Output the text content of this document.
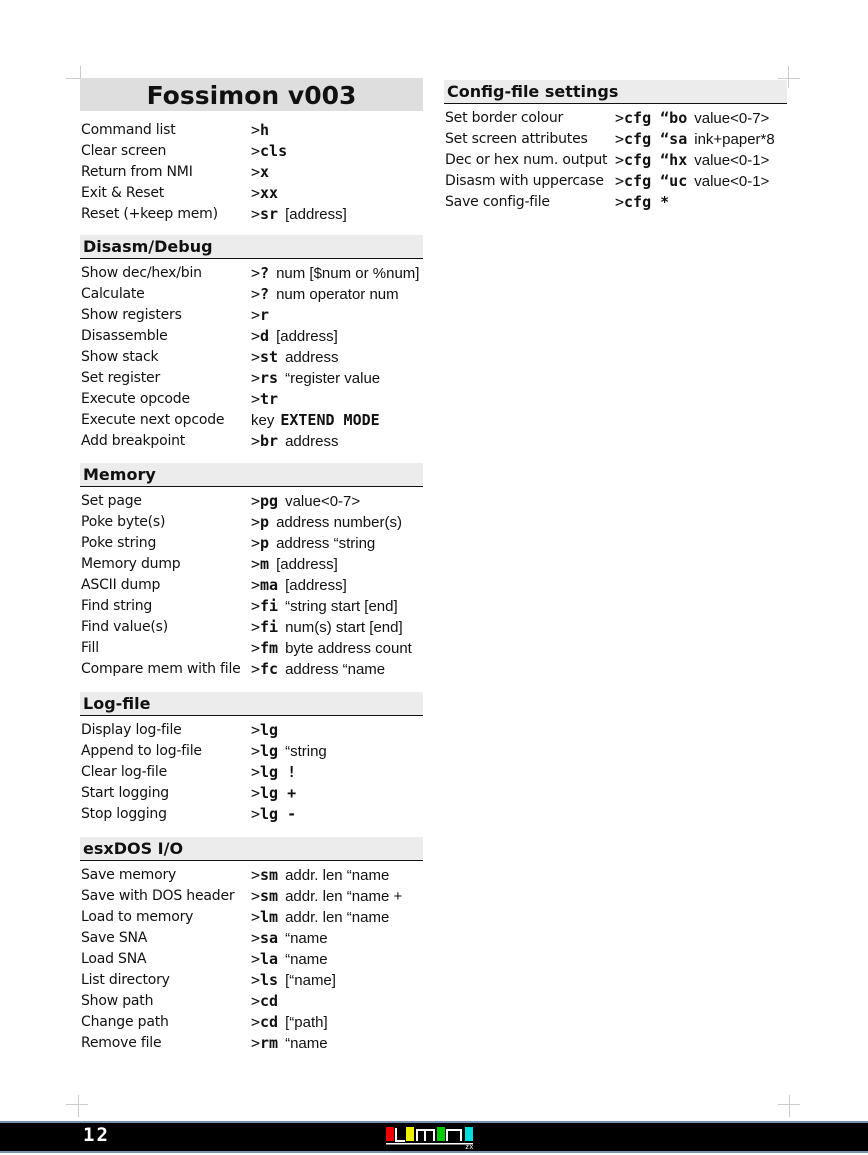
Fossimon v003
Command list	>h
Clear screen	>cls
Return from NMI	>x
Exit & Reset	>xx
Reset (+keep mem) >sr [address]
Disasm/Debug
Show dec/hex/bin	>? num [$num or %num]
Calculate	>? num operator num
Show registers	>r
Disassemble	>d [address]
Show stack	>st address
Set register	>rs “register value
Execute opcode	>tr
Execute next opcode key EXTEND MODE
Add breakpoint	>br address
Memory
Set page	>pg value<0-7>
Poke byte(s)	>p address number(s)
Poke string	>p address “string
Memory dump	>m [address]
ASCII dump	>ma [address]
Find string	>fi “string start [end]
Find value(s)	>fi num(s) start [end]
Fill	>fm byte address count
Compare mem with file >fc address “name
Log-file
Display log-file	>lg
Append to log-file	>lg “string
Clear log-file	>lg !
Start logging	>lg +
Stop logging	>lg -
esxDOS I/O
Save memory	>sm addr. len “name
Save with DOS header >sm addr. len “name +
Load to memory	>lm addr. len “name
Save SNA	>sa “name
Load SNA	>la “name
List directory	>ls [“name]
Show path	>cd
Change path	>cd [“path]
Remove file	>rm “name
Config-file settings
Set border colour	>cfg “bo value<0-7>
Set screen attributes >cfg “sa ink+paper*8
Dec or hex num. output >cfg “hx value<0-1>
Disasm with uppercase >cfg “uc value<0-1>
Save config-file	>cfg *
12
zx
